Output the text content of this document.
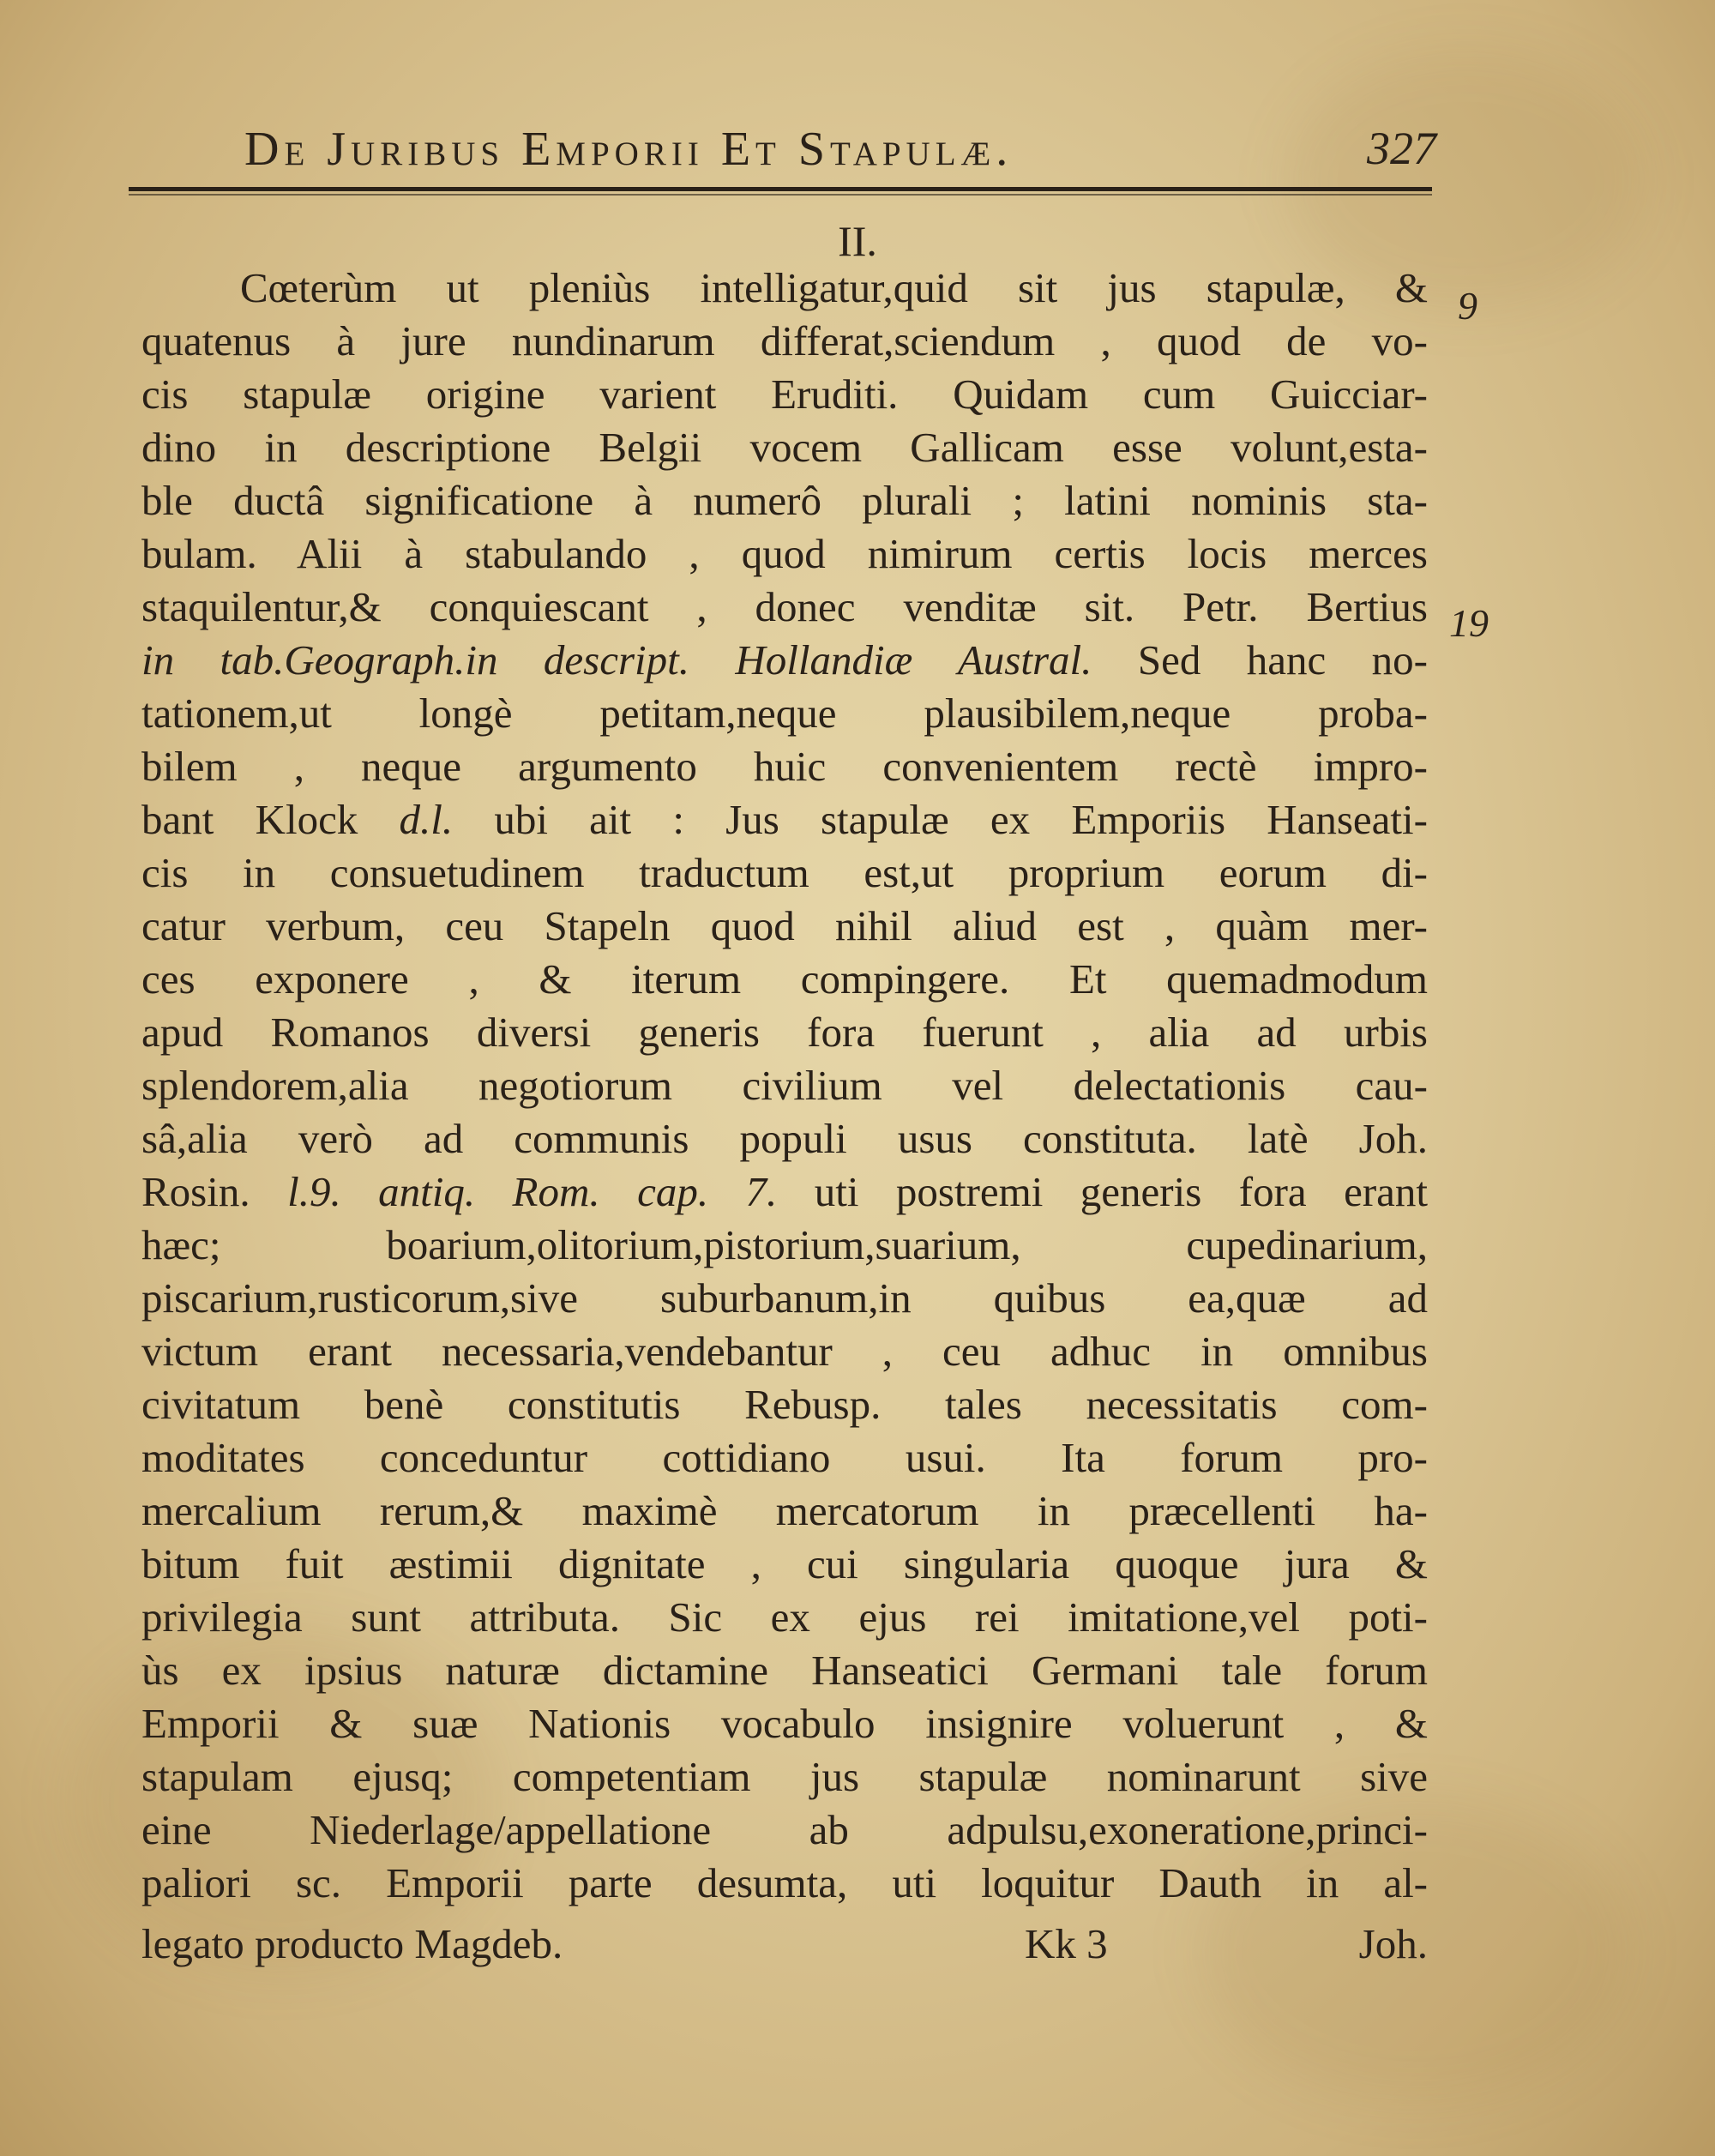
De Juribus Emporii Et Stapulæ.	327
II.
Cœterùm ut pleniùs intelligatur,quid sit jus stapulæ, &
quatenus à jure nundinarum differat,sciendum , quod de vo-
cis stapulæ origine varient Eruditi. Quidam cum Guicciar-
dino in descriptione Belgii vocem Gallicam esse volunt,esta-
ble ductâ significatione à numerô plurali ; latini nominis sta-
bulam. Alii à stabulando , quod nimirum certis locis merces
staquilentur,& conquiescant , donec venditæ sit. Petr. Bertius
in tab.Geograph.in descript. Hollandiæ Austral. Sed hanc no-
tationem,ut longè petitam,neque plausibilem,neque proba-
bilem , neque argumento huic convenientem rectè impro-
bant Klock d.l. ubi ait : Jus stapulæ ex Emporiis Hanseati-
cis in consuetudinem traductum est,ut proprium eorum di-
catur verbum, ceu Stapeln quod nihil aliud est , quàm mer-
ces exponere , & iterum compingere. Et quemadmodum
apud Romanos diversi generis fora fuerunt , alia ad urbis
splendorem,alia negotiorum civilium vel delectationis cau-
sâ,alia verò ad communis populi usus constituta. latè Joh.
Rosin. l.9. antiq. Rom. cap. 7. uti postremi generis fora erant
hæc; boarium,olitorium,pistorium,suarium, cupedinarium,
piscarium,rusticorum,sive suburbanum,in quibus ea,quæ ad
victum erant necessaria,vendebantur , ceu adhuc in omnibus
civitatum benè constitutis Rebusp. tales necessitatis com-
moditates conceduntur cottidiano usui. Ita forum pro-
mercalium rerum,& maximè mercatorum in præcellenti ha-
bitum fuit æstimii dignitate , cui singularia quoque jura &
privilegia sunt attributa. Sic ex ejus rei imitatione,vel poti-
ùs ex ipsius naturæ dictamine Hanseatici Germani tale forum
Emporii & suæ Nationis vocabulo insignire voluerunt , &
stapulam ejusq; competentiam jus stapulæ nominarunt sive
eine Niederlage/appellatione ab adpulsu,exoneratione,princi-
paliori sc. Emporii parte desumta, uti loquitur Dauth in al-
9
19
legato producto Magdeb.	Kk 3	Joh.
